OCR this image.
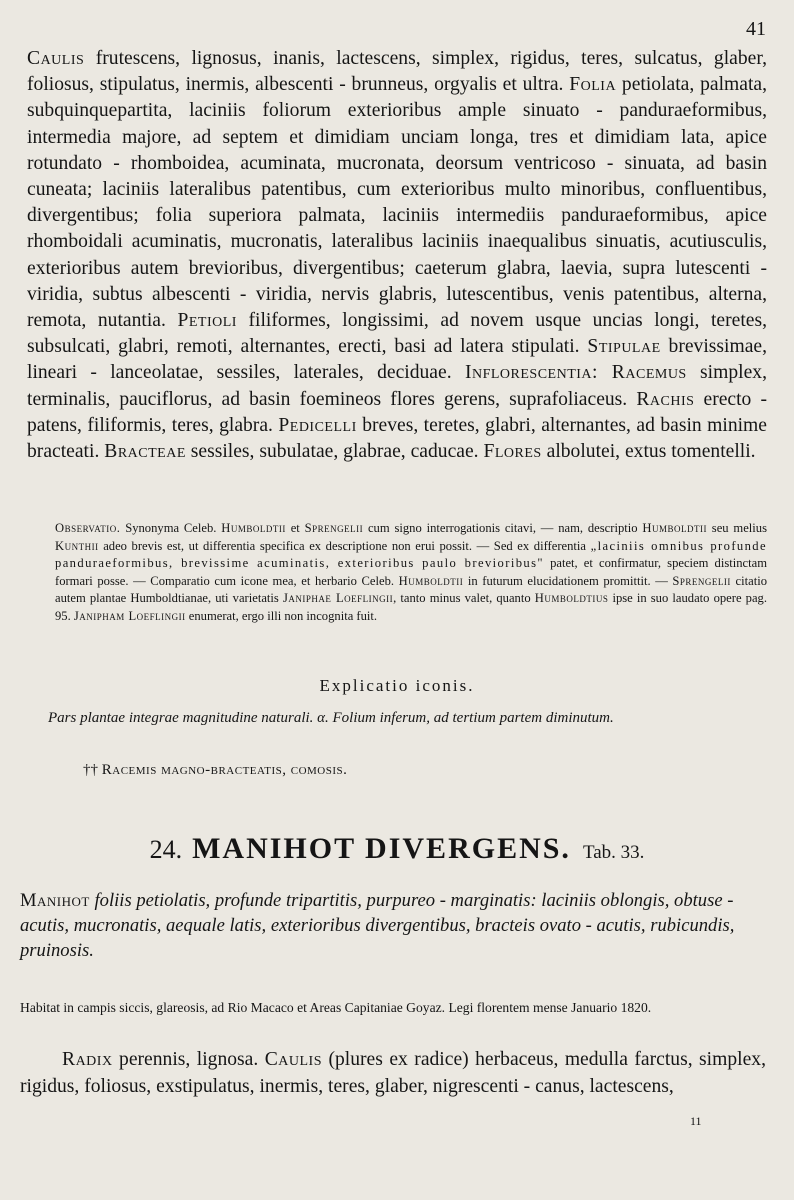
41

Caulis frutescens, lignosus, inanis, lactescens, simplex, rigidus, teres, sulcatus, glaber, foliosus, stipulatus, inermis, albescenti - brunneus, orgyalis et ultra. Folia petiolata, palmata, subquinquepartita, laciniis foliorum exterioribus ample sinuato - panduraeformibus, intermedia majore, ad septem et dimidiam unciam longa, tres et dimidiam lata, apice rotundato - rhomboidea, acuminata, mucronata, deorsum ventricoso - sinuata, ad basin cuneata; laciniis lateralibus patentibus, cum exterioribus multo minoribus, confluentibus, divergentibus; folia superiora palmata, laciniis intermediis panduraeformibus, apice rhomboidali acuminatis, mucronatis, lateralibus laciniis inaequalibus sinuatis, acutiusculis, exterioribus autem brevioribus, divergentibus; caeterum glabra, laevia, supra lutescenti - viridia, subtus albescenti - viridia, nervis glabris, lutescentibus, venis patentibus, alterna, remota, nutantia. Petioli filiformes, longissimi, ad novem usque uncias longi, teretes, subsulcati, glabri, remoti, alternantes, erecti, basi ad latera stipulati. Stipulae brevissimae, lineari - lanceolatae, sessiles, laterales, deciduae. Inflorescentia: Racemus simplex, terminalis, pauciflorus, ad basin foemineos flores gerens, suprafoliaceus. Rachis erecto - patens, filiformis, teres, glabra. Pedicelli breves, teretes, glabri, alternantes, ad basin minime bracteati. Bracteae sessiles, subulatae, glabrae, caducae. Flores albolutei, extus tomentelli.

Observatio. Synonyma Celeb. Humboldtii et Sprengelii cum signo interrogationis citavi, — nam, descriptio Humboldtii seu melius Kunthii adeo brevis est, ut differentia specifica ex descriptione non erui possit. — Sed ex differentia „laciniis omnibus profunde panduraeformibus, brevissime acuminatis, exterioribus paulo brevioribus" patet, et confirmatur, speciem distinctam formari posse. — Comparatio cum icone mea, et herbario Celeb. Humboldtii in futurum elucidationem promittit. — Sprengelii citatio autem plantae Humboldtianae, uti varietatis Janiphae Loeflingii, tanto minus valet, quanto Humboldtius ipse in suo laudato opere pag. 95. Janipham Loeflingii enumerat, ergo illi non incognita fuit.

Explicatio iconis.
Pars plantae integrae magnitudine naturali. α. Folium inferum, ad tertium partem diminutum.
†† Racemis magno-bracteatis, comosis.
24. MANIHOT DIVERGENS. Tab. 33.

Manihot foliis petiolatis, profunde tripartitis, purpureo - marginatis: laciniis oblongis, obtuse - acutis, mucronatis, aequale latis, exterioribus divergentibus, bracteis ovato - acutis, rubicundis, pruinosis.

Habitat in campis siccis, glareosis, ad Rio Macaco et Areas Capitaniae Goyaz. Legi florentem mense Januario 1820.

Radix perennis, lignosa. Caulis (plures ex radice) herbaceus, medulla farctus, simplex, rigidus, foliosus, exstipulatus, inermis, teres, glaber, nigrescenti - canus, lactescens,

11
